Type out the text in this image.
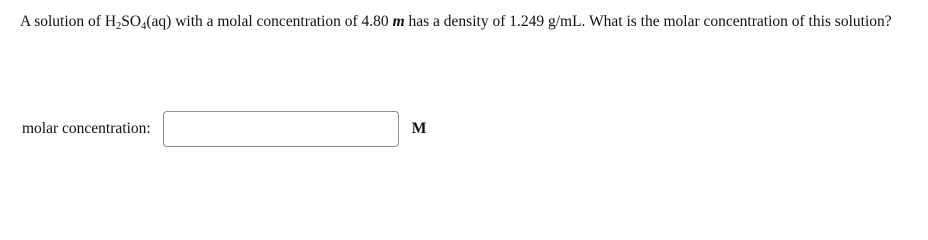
A solution of $H_2SO_4(aq)$ with a molal concentration of 4.80 m has a density of 1.249 g/mL. What is the molar concentration of this solution?

molar concentration:	M
